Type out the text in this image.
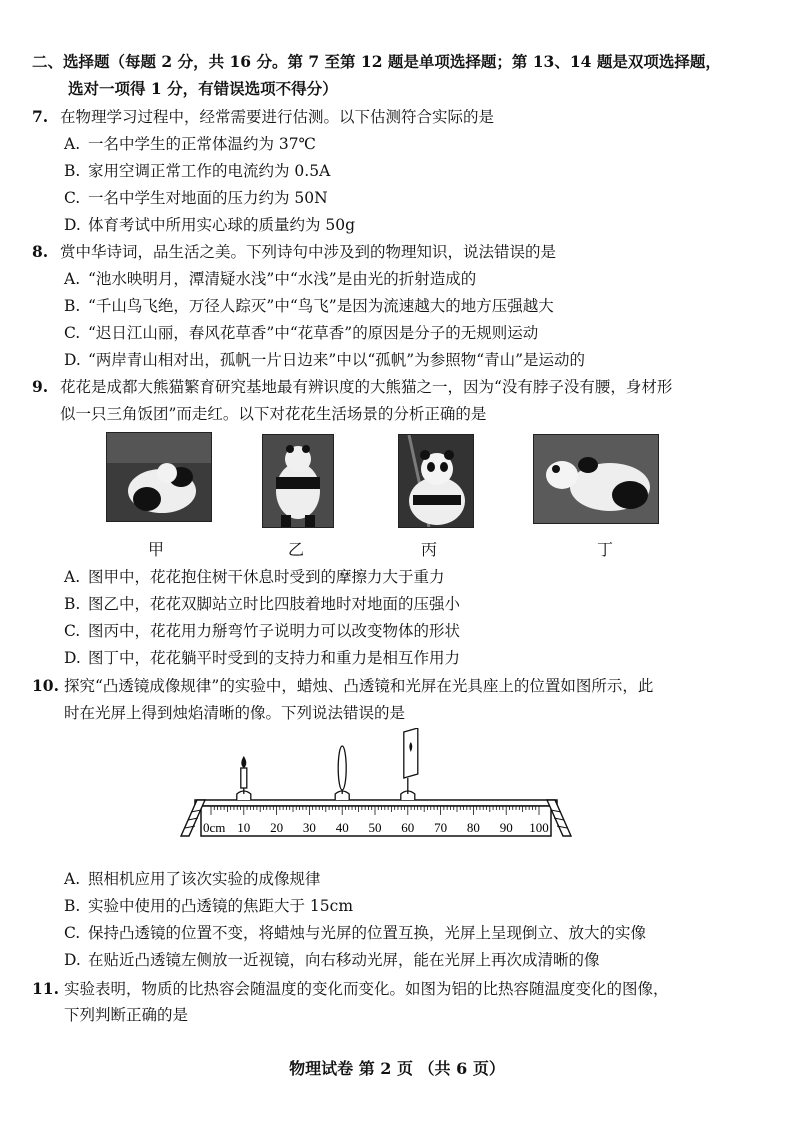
二、选择题（每题 2 分，共 16 分。第 7 至第 12 题是单项选择题；第 13、14 题是双项选择题，
选对一项得 1 分，有错误选项不得分）
7. 在物理学习过程中，经常需要进行估测。以下估测符合实际的是
A. 一名中学生的正常体温约为 37℃
B. 家用空调正常工作的电流约为 0.5A
C. 一名中学生对地面的压力约为 50N
D. 体育考试中所用实心球的质量约为 50g
8. 赏中华诗词，品生活之美。下列诗句中涉及到的物理知识，说法错误的是
A. “池水映明月，潭清疑水浅”中“水浅”是由光的折射造成的
B. “千山鸟飞绝，万径人踪灭”中“鸟飞”是因为流速越大的地方压强越大
C. “迟日江山丽，春风花草香”中“花草香”的原因是分子的无规则运动
D. “两岸青山相对出，孤帆一片日边来”中以“孤帆”为参照物“青山”是运动的
9. 花花是成都大熊猫繁育研究基地最有辨识度的大熊猫之一，因为“没有脖子没有腰，身材形
似一只三角饭团”而走红。以下对花花生活场景的分析正确的是
甲	乙	丙	丁
A. 图甲中，花花抱住树干休息时受到的摩擦力大于重力
B. 图乙中，花花双脚站立时比四肢着地时对地面的压强小
C. 图丙中，花花用力掰弯竹子说明力可以改变物体的形状
D. 图丁中，花花躺平时受到的支持力和重力是相互作用力
10. 探究“凸透镜成像规律”的实验中，蜡烛、凸透镜和光屏在光具座上的位置如图所示，此
时在光屏上得到烛焰清晰的像。下列说法错误的是
0cm 10 20 30 40 50 60 70 80 90 100
A. 照相机应用了该次实验的成像规律
B. 实验中使用的凸透镜的焦距大于 15cm
C. 保持凸透镜的位置不变，将蜡烛与光屏的位置互换，光屏上呈现倒立、放大的实像
D. 在贴近凸透镜左侧放一近视镜，向右移动光屏，能在光屏上再次成清晰的像
11. 实验表明，物质的比热容会随温度的变化而变化。如图为铝的比热容随温度变化的图像，
下列判断正确的是
物理试卷 第 2 页 （共 6 页）
